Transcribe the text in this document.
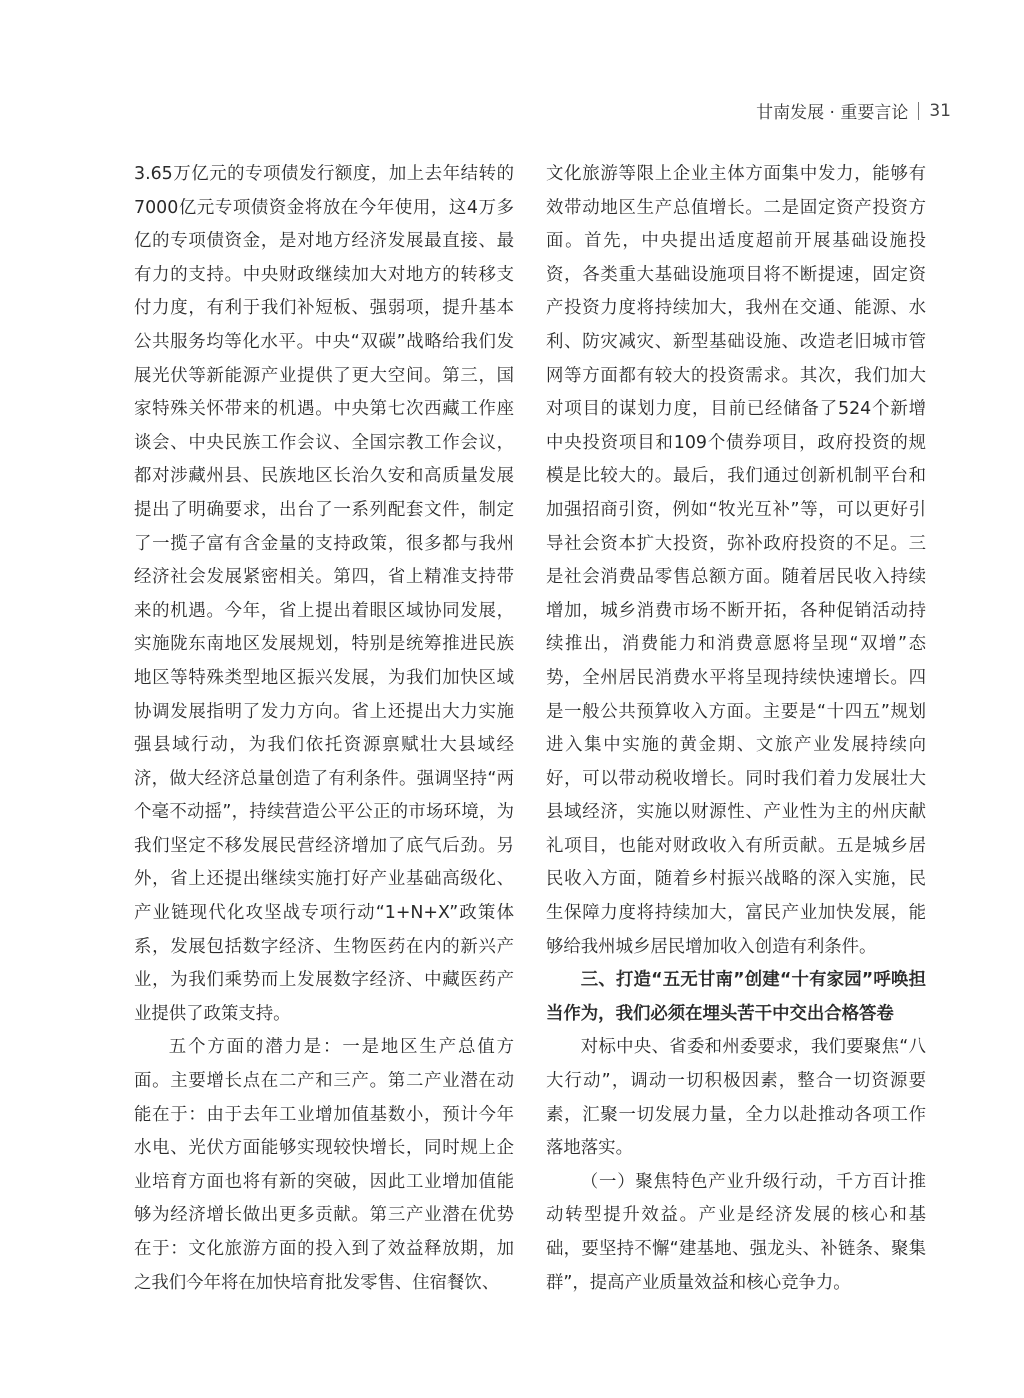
甘南发展 · 重要言论 31

3.65万亿元的专项债发行额度，加上去年结转的7000亿元专项债资金将放在今年使用，这4万多亿的专项债资金，是对地方经济发展最直接、最有力的支持。中央财政继续加大对地方的转移支付力度，有利于我们补短板、强弱项，提升基本公共服务均等化水平。中央“双碳”战略给我们发展光伏等新能源产业提供了更大空间。第三，国家特殊关怀带来的机遇。中央第七次西藏工作座谈会、中央民族工作会议、全国宗教工作会议，都对涉藏州县、民族地区长治久安和高质量发展提出了明确要求，出台了一系列配套文件，制定了一揽子富有含金量的支持政策，很多都与我州经济社会发展紧密相关。第四，省上精准支持带来的机遇。今年，省上提出着眼区域协同发展，实施陇东南地区发展规划，特别是统筹推进民族地区等特殊类型地区振兴发展，为我们加快区域协调发展指明了发力方向。省上还提出大力实施强县域行动，为我们依托资源禀赋壮大县域经济，做大经济总量创造了有利条件。强调坚持“两个毫不动摇”，持续营造公平公正的市场环境，为我们坚定不移发展民营经济增加了底气后劲。另外，省上还提出继续实施打好产业基础高级化、产业链现代化攻坚战专项行动“1+N+X”政策体系，发展包括数字经济、生物医药在内的新兴产业，为我们乘势而上发展数字经济、中藏医药产业提供了政策支持。

五个方面的潜力是：一是地区生产总值方面。主要增长点在二产和三产。第二产业潜在动能在于：由于去年工业增加值基数小，预计今年水电、光伏方面能够实现较快增长，同时规上企业培育方面也将有新的突破，因此工业增加值能够为经济增长做出更多贡献。第三产业潜在优势在于：文化旅游方面的投入到了效益释放期，加之我们今年将在加快培育批发零售、住宿餐饮、

文化旅游等限上企业主体方面集中发力，能够有效带动地区生产总值增长。二是固定资产投资方面。首先，中央提出适度超前开展基础设施投资，各类重大基础设施项目将不断提速，固定资产投资力度将持续加大，我州在交通、能源、水利、防灾减灾、新型基础设施、改造老旧城市管网等方面都有较大的投资需求。其次，我们加大对项目的谋划力度，目前已经储备了524个新增中央投资项目和109个债券项目，政府投资的规模是比较大的。最后，我们通过创新机制平台和加强招商引资，例如“牧光互补”等，可以更好引导社会资本扩大投资，弥补政府投资的不足。三是社会消费品零售总额方面。随着居民收入持续增加，城乡消费市场不断开拓，各种促销活动持续推出，消费能力和消费意愿将呈现“双增”态势，全州居民消费水平将呈现持续快速增长。四是一般公共预算收入方面。主要是“十四五”规划进入集中实施的黄金期、文旅产业发展持续向好，可以带动税收增长。同时我们着力发展壮大县域经济，实施以财源性、产业性为主的州庆献礼项目，也能对财政收入有所贡献。五是城乡居民收入方面，随着乡村振兴战略的深入实施，民生保障力度将持续加大，富民产业加快发展，能够给我州城乡居民增加收入创造有利条件。

三、打造“五无甘南”创建“十有家园”呼唤担当作为，我们必须在埋头苦干中交出合格答卷

对标中央、省委和州委要求，我们要聚焦“八大行动”，调动一切积极因素，整合一切资源要素，汇聚一切发展力量，全力以赴推动各项工作落地落实。

（一）聚焦特色产业升级行动，千方百计推动转型提升效益。产业是经济发展的核心和基础，要坚持不懈“建基地、强龙头、补链条、聚集群”，提高产业质量效益和核心竞争力。
